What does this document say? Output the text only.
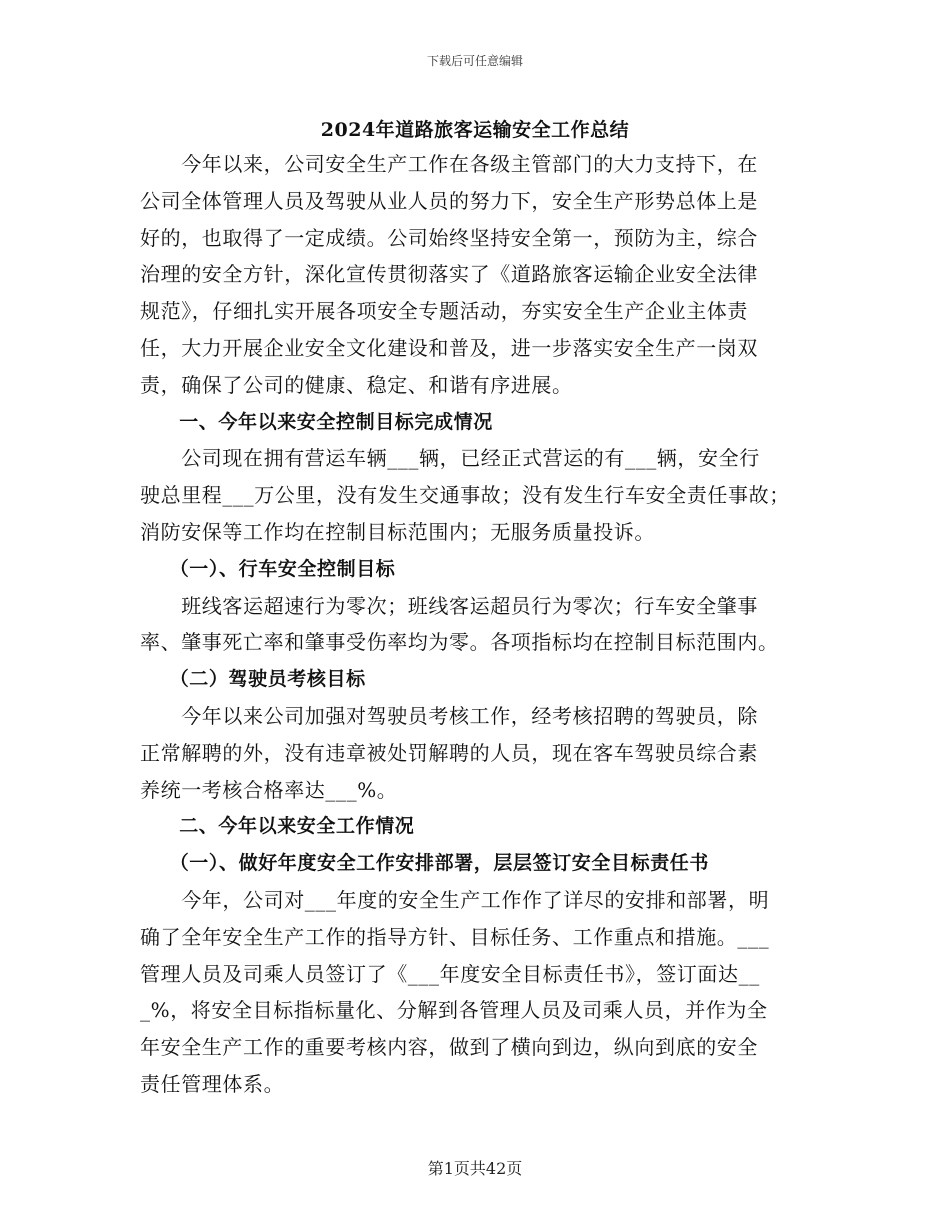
下载后可任意编辑
2024年道路旅客运输安全工作总结
　　今年以来，公司安全生产工作在各级主管部门的大力支持下，在
公司全体管理人员及驾驶从业人员的努力下，安全生产形势总体上是
好的，也取得了一定成绩。公司始终坚持安全第一，预防为主，综合
治理的安全方针，深化宣传贯彻落实了《道路旅客运输企业安全法律
规范》，仔细扎实开展各项安全专题活动，夯实安全生产企业主体责
任，大力开展企业安全文化建设和普及，进一步落实安全生产一岗双
责，确保了公司的健康、稳定、和谐有序进展。
　　一、今年以来安全控制目标完成情况
　　公司现在拥有营运车辆___辆，已经正式营运的有___辆，安全行
驶总里程___万公里，没有发生交通事故；没有发生行车安全责任事故；
消防安保等工作均在控制目标范围内；无服务质量投诉。
　　（一）、行车安全控制目标
　　班线客运超速行为零次；班线客运超员行为零次；行车安全肇事
率、肇事死亡率和肇事受伤率均为零。各项指标均在控制目标范围内。
　　（二）驾驶员考核目标
　　今年以来公司加强对驾驶员考核工作，经考核招聘的驾驶员，除
正常解聘的外，没有违章被处罚解聘的人员，现在客车驾驶员综合素
养统一考核合格率达___%。
　　二、今年以来安全工作情况
　　（一）、做好年度安全工作安排部署，层层签订安全目标责任书
　　今年，公司对___年度的安全生产工作作了详尽的安排和部署，明
确了全年安全生产工作的指导方针、目标任务、工作重点和措施。___
管理人员及司乘人员签订了《___年度安全目标责任书》，签订面达__
_%，将安全目标指标量化、分解到各管理人员及司乘人员，并作为全
年安全生产工作的重要考核内容，做到了横向到边，纵向到底的安全
责任管理体系。
第1页共42页
